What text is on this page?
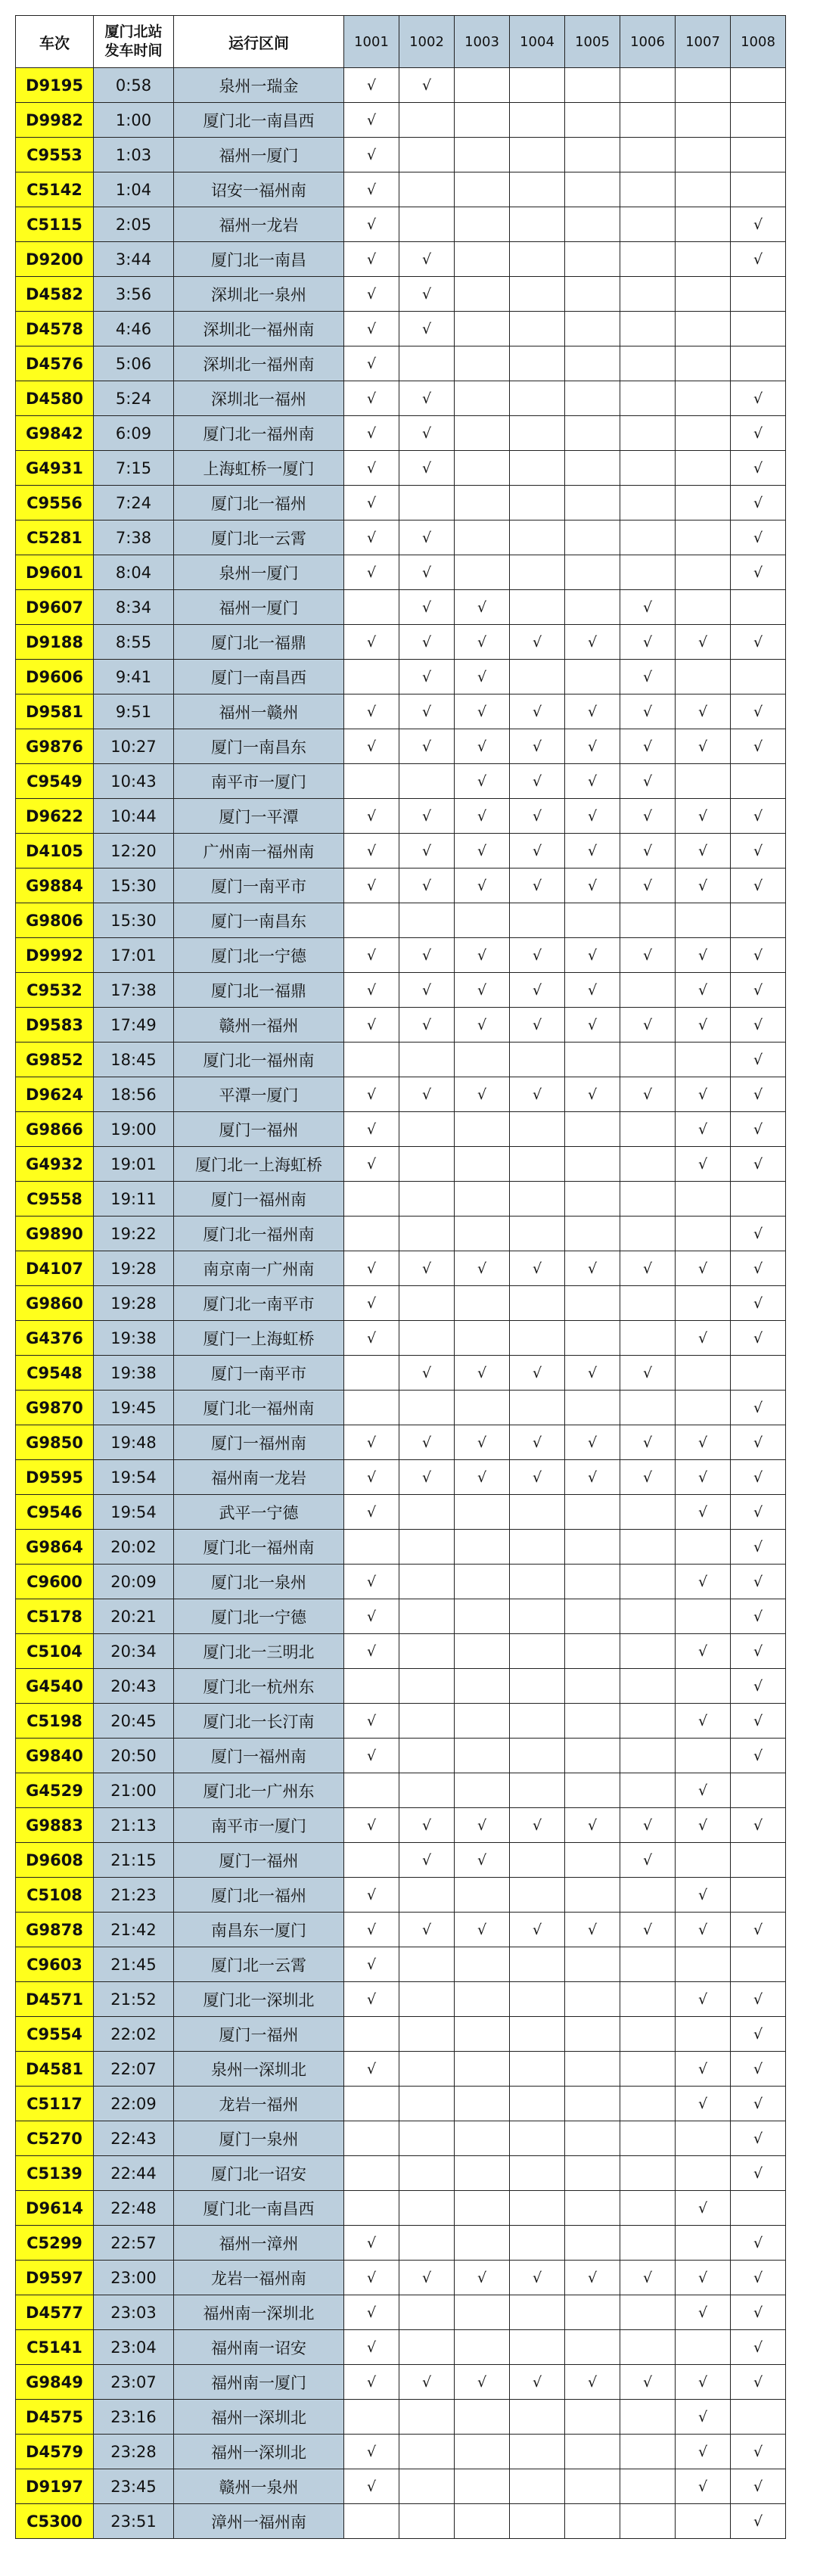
车次	厦门北站
发车时间	运行区间	1001	1002	1003	1004	1005	1006	1007	1008
D9195	0:58	泉州一瑞金	√	√						
D9982	1:00	厦门北一南昌西	√							
C9553	1:03	福州一厦门	√							
C5142	1:04	诏安一福州南	√							
C5115	2:05	福州一龙岩	√							√
D9200	3:44	厦门北一南昌	√	√						√
D4582	3:56	深圳北一泉州	√	√						
D4578	4:46	深圳北一福州南	√	√						
D4576	5:06	深圳北一福州南	√							
D4580	5:24	深圳北一福州	√	√						√
G9842	6:09	厦门北一福州南	√	√						√
G4931	7:15	上海虹桥一厦门	√	√						√
C9556	7:24	厦门北一福州	√							√
C5281	7:38	厦门北一云霄	√	√						√
D9601	8:04	泉州一厦门	√	√						√
D9607	8:34	福州一厦门		√	√			√		
D9188	8:55	厦门北一福鼎	√	√	√	√	√	√	√	√
D9606	9:41	厦门一南昌西		√	√			√		
D9581	9:51	福州一赣州	√	√	√	√	√	√	√	√
G9876	10:27	厦门一南昌东	√	√	√	√	√	√	√	√
C9549	10:43	南平市一厦门			√	√	√	√		
D9622	10:44	厦门一平潭	√	√	√	√	√	√	√	√
D4105	12:20	广州南一福州南	√	√	√	√	√	√	√	√
G9884	15:30	厦门一南平市	√	√	√	√	√	√	√	√
G9806	15:30	厦门一南昌东								
D9992	17:01	厦门北一宁德	√	√	√	√	√	√	√	√
C9532	17:38	厦门北一福鼎	√	√	√	√	√		√	√
D9583	17:49	赣州一福州	√	√	√	√	√	√	√	√
G9852	18:45	厦门北一福州南								√
D9624	18:56	平潭一厦门	√	√	√	√	√	√	√	√
G9866	19:00	厦门一福州	√						√	√
G4932	19:01	厦门北一上海虹桥	√						√	√
C9558	19:11	厦门一福州南								
G9890	19:22	厦门北一福州南								√
D4107	19:28	南京南一广州南	√	√	√	√	√	√	√	√
G9860	19:28	厦门北一南平市	√							√
G4376	19:38	厦门一上海虹桥	√						√	√
C9548	19:38	厦门一南平市		√	√	√	√	√		
G9870	19:45	厦门北一福州南								√
G9850	19:48	厦门一福州南	√	√	√	√	√	√	√	√
D9595	19:54	福州南一龙岩	√	√	√	√	√	√	√	√
C9546	19:54	武平一宁德	√						√	√
G9864	20:02	厦门北一福州南								√
C9600	20:09	厦门北一泉州	√						√	√
C5178	20:21	厦门北一宁德	√							√
C5104	20:34	厦门北一三明北	√						√	√
G4540	20:43	厦门北一杭州东								√
C5198	20:45	厦门北一长汀南	√						√	√
G9840	20:50	厦门一福州南	√							√
G4529	21:00	厦门北一广州东							√	
G9883	21:13	南平市一厦门	√	√	√	√	√	√	√	√
D9608	21:15	厦门一福州		√	√			√		
C5108	21:23	厦门北一福州	√						√	
G9878	21:42	南昌东一厦门	√	√	√	√	√	√	√	√
C9603	21:45	厦门北一云霄	√							
D4571	21:52	厦门北一深圳北	√						√	√
C9554	22:02	厦门一福州								√
D4581	22:07	泉州一深圳北	√						√	√
C5117	22:09	龙岩一福州							√	√
C5270	22:43	厦门一泉州								√
C5139	22:44	厦门北一诏安								√
D9614	22:48	厦门北一南昌西							√	
C5299	22:57	福州一漳州	√							√
D9597	23:00	龙岩一福州南	√	√	√	√	√	√	√	√
D4577	23:03	福州南一深圳北	√						√	√
C5141	23:04	福州南一诏安	√							√
G9849	23:07	福州南一厦门	√	√	√	√	√	√	√	√
D4575	23:16	福州一深圳北							√	
D4579	23:28	福州一深圳北	√						√	√
D9197	23:45	赣州一泉州	√						√	√
C5300	23:51	漳州一福州南								√
